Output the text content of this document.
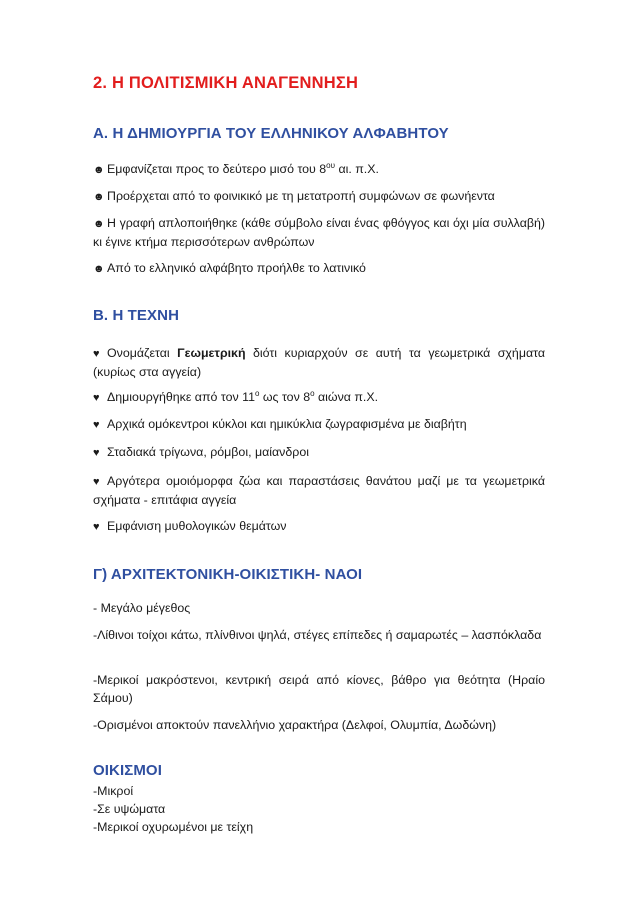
2. Η ΠΟΛΙΤΙΣΜΙΚΗ ΑΝΑΓΕΝΝΗΣΗ
Α. Η ΔΗΜΙΟΥΡΓΙΑ ΤΟΥ ΕΛΛΗΝΙΚΟΥ ΑΛΦΑΒΗΤΟΥ

☻ Εμφανίζεται προς το δεύτερο μισό του $8^{o\upsilon}$ αι. π.Χ.

☻ Προέρχεται από το φοινικικό με τη μετατροπή συμφώνων σε φωνήεντα

☻ Η γραφή απλοποιήθηκε (κάθε σύμβολο είναι ένας φθόγγος και όχι μία συλλαβή) κι έγινε κτήμα περισσότερων ανθρώπων

☻ Από το ελληνικό αλφάβητο προήλθε το λατινικό

Β. Η ΤΕΧΝΗ

♥ Ονομάζεται Γεωμετρική διότι κυριαρχούν σε αυτή τα γεωμετρικά σχήματα (κυρίως στα αγγεία)

♥ Δημιουργήθηκε από τον $11^o$ ως τον $8^o$ αιώνα π.Χ.

♥ Αρχικά ομόκεντροι κύκλοι και ημικύκλια ζωγραφισμένα με διαβήτη

♥ Σταδιακά τρίγωνα, ρόμβοι, μαίανδροι

♥ Αργότερα ομοιόμορφα ζώα και παραστάσεις θανάτου μαζί με τα γεωμετρικά σχήματα - επιτάφια αγγεία

♥ Εμφάνιση μυθολογικών θεμάτων

Γ) ΑΡΧΙΤΕΚΤΟΝΙΚΗ-ΟΙΚΙΣΤΙΚΗ- ΝΑΟΙ

- Μεγάλο μέγεθος

-Λίθινοι τοίχοι κάτω, πλίνθινοι ψηλά, στέγες επίπεδες ή σαμαρωτές – λασπόκλαδα

-Μερικοί μακρόστενοι, κεντρική σειρά από κίονες, βάθρο για θεότητα (Ηραίο Σάμου)

-Ορισμένοι αποκτούν πανελλήνιο χαρακτήρα (Δελφοί, Ολυμπία, Δωδώνη)

ΟΙΚΙΣΜΟΙ

-Μικροί

-Σε υψώματα

-Μερικοί οχυρωμένοι με τείχη
